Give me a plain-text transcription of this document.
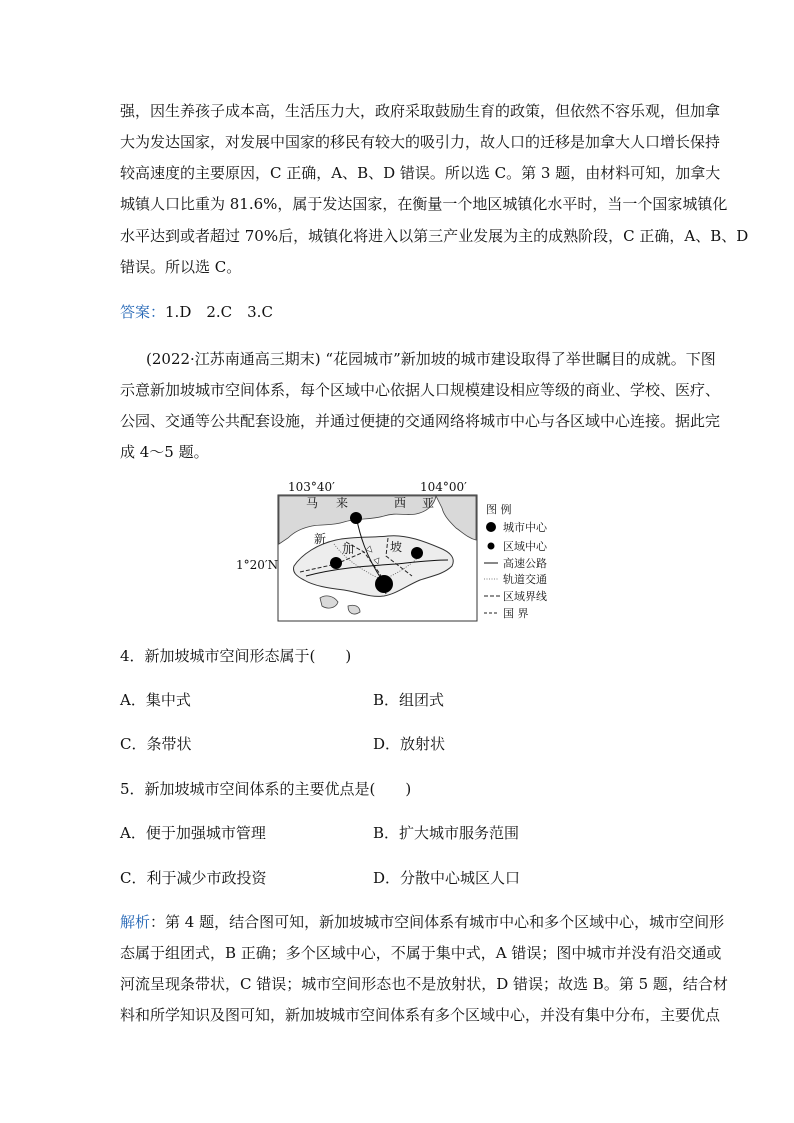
强，因生养孩子成本高，生活压力大，政府采取鼓励生育的政策，但依然不容乐观，但加拿
大为发达国家，对发展中国家的移民有较大的吸引力，故人口的迁移是加拿大人口增长保持
较高速度的主要原因，C 正确，A、B、D 错误。所以选 C。第 3 题，由材料可知，加拿大
城镇人口比重为 81.6%，属于发达国家，在衡量一个地区城镇化水平时，当一个国家城镇化
水平达到或者超过 70%后，城镇化将进入以第三产业发展为主的成熟阶段，C 正确，A、B、D
错误。所以选 C。
答案：1.D　2.C　3.C
(2022·江苏南通高三期末) “花园城市”新加坡的城市建设取得了举世瞩目的成就。下图
示意新加坡城市空间体系，每个区域中心依据人口规模建设相应等级的商业、学校、医疗、
公园、交通等公共配套设施，并通过便捷的交通网络将城市中心与各区域中心连接。据此完
成 4～5 题。
103°40′	104°00′
1°20′N
马 来	西 亚
新
加	坡
图 例
城市中心
区域中心
高速公路
轨道交通
区域界线
国 界
4．新加坡城市空间形态属于(　　)
A．集中式	B．组团式
C．条带状	D．放射状
5．新加坡城市空间体系的主要优点是(　　)
A．便于加强城市管理	B．扩大城市服务范围
C．利于减少市政投资	D．分散中心城区人口
解析：第 4 题，结合图可知，新加坡城市空间体系有城市中心和多个区域中心，城市空间形
态属于组团式，B 正确；多个区域中心，不属于集中式，A 错误；图中城市并没有沿交通或
河流呈现条带状，C 错误；城市空间形态也不是放射状，D 错误；故选 B。第 5 题，结合材
料和所学知识及图可知，新加坡城市空间体系有多个区域中心，并没有集中分布，主要优点
